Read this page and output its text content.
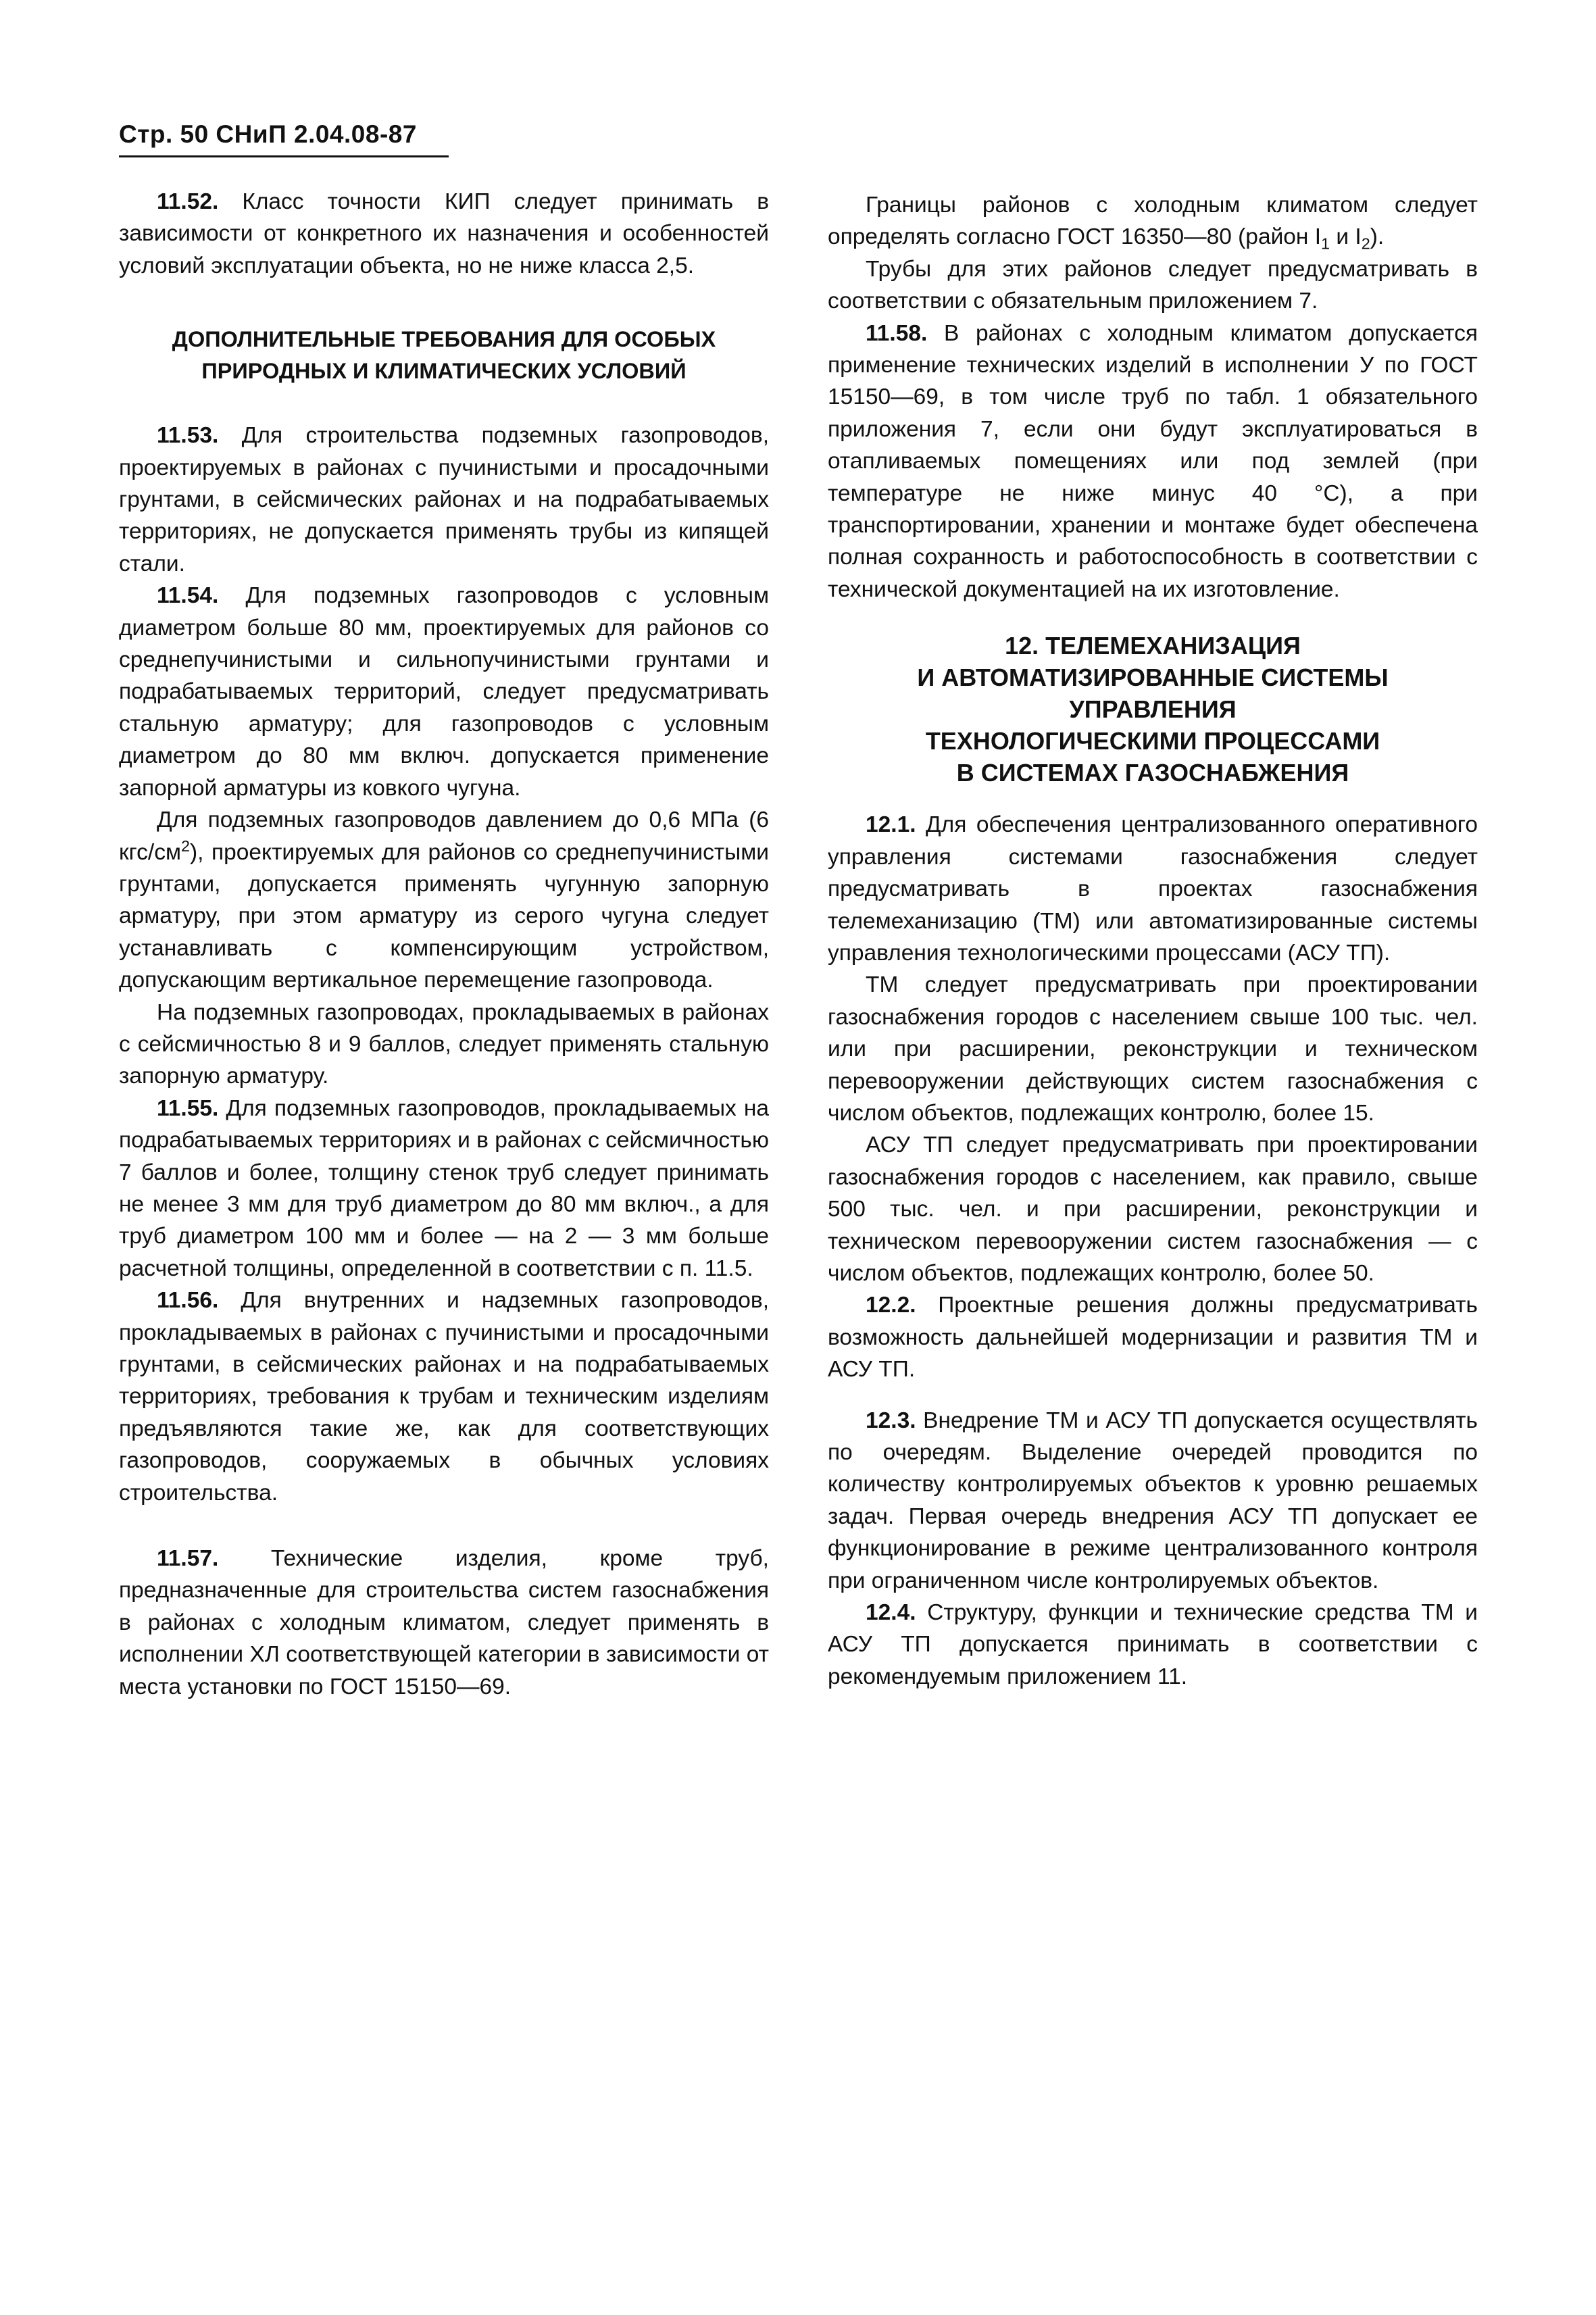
Стр. 50 СНиП 2.04.08-87

11.52. Класс точности КИП следует принимать в зависимости от конкретного их назначения и особенностей условий эксплуатации объекта, но не ниже класса 2,5.

ДОПОЛНИТЕЛЬНЫЕ ТРЕБОВАНИЯ ДЛЯ ОСОБЫХ
ПРИРОДНЫХ И КЛИМАТИЧЕСКИХ УСЛОВИЙ

11.53. Для строительства подземных газопроводов, проектируемых в районах с пучинистыми и просадочными грунтами, в сейсмических районах и на подрабатываемых территориях, не допускается применять трубы из кипящей стали.

11.54. Для подземных газопроводов с условным диаметром больше 80 мм, проектируемых для районов со среднепучинистыми и сильнопучинистыми грунтами и подрабатываемых территорий, следует предусматривать стальную арматуру; для газопроводов с условным диаметром до 80 мм включ. допускается применение запорной арматуры из ковкого чугуна.

Для подземных газопроводов давлением до 0,6 МПа (6 кгс/$см^2$), проектируемых для районов со среднепучинистыми грунтами, допускается применять чугунную запорную арматуру, при этом арматуру из серого чугуна следует устанавливать с компенсирующим устройством, допускающим вертикальное перемещение газопровода.

На подземных газопроводах, прокладываемых в районах с сейсмичностью 8 и 9 баллов, следует применять стальную запорную арматуру.

11.55. Для подземных газопроводов, прокладываемых на подрабатываемых территориях и в районах с сейсмичностью 7 баллов и более, толщину стенок труб следует принимать не менее 3 мм для труб диаметром до 80 мм включ., а для труб диаметром 100 мм и более — на 2 — 3 мм больше расчетной толщины, определенной в соответствии с п. 11.5.

11.56. Для внутренних и надземных газопроводов, прокладываемых в районах с пучинистыми и просадочными грунтами, в сейсмических районах и на подрабатываемых территориях, требования к трубам и техническим изделиям предъявляются такие же, как для соответствующих газопроводов, сооружаемых в обычных условиях строительства.

11.57. Технические изделия, кроме труб, предназначенные для строительства систем газоснабжения в районах с холодным климатом, следует применять в исполнении ХЛ соответствующей категории в зависимости от места установки по ГОСТ 15150—69.

Границы районов с холодным климатом следует определять согласно ГОСТ 16350—80 (район $I_1$ и $I_2$).

Трубы для этих районов следует предусматривать в соответствии с обязательным приложением 7.

11.58. В районах с холодным климатом допускается применение технических изделий в исполнении У по ГОСТ 15150—69, в том числе труб по табл. 1 обязательного приложения 7, если они будут эксплуатироваться в отапливаемых помещениях или под землей (при температуре не ниже минус 40 °С), а при транспортировании, хранении и монтаже будет обеспечена полная сохранность и работоспособность в соответствии с технической документацией на их изготовление.

12. ТЕЛЕМЕХАНИЗАЦИЯ
И АВТОМАТИЗИРОВАННЫЕ СИСТЕМЫ
УПРАВЛЕНИЯ
ТЕХНОЛОГИЧЕСКИМИ ПРОЦЕССАМИ
В СИСТЕМАХ ГАЗОСНАБЖЕНИЯ

12.1. Для обеспечения централизованного оперативного управления системами газоснабжения следует предусматривать в проектах газоснабжения телемеханизацию (ТМ) или автоматизированные системы управления технологическими процессами (АСУ ТП).

ТМ следует предусматривать при проектировании газоснабжения городов с населением свыше 100 тыс. чел. или при расширении, реконструкции и техническом перевооружении действующих систем газоснабжения с числом объектов, подлежащих контролю, более 15.

АСУ ТП следует предусматривать при проектировании газоснабжения городов с населением, как правило, свыше 500 тыс. чел. и при расширении, реконструкции и техническом перевооружении систем газоснабжения — с числом объектов, подлежащих контролю, более 50.

12.2. Проектные решения должны предусматривать возможность дальнейшей модернизации и развития ТМ и АСУ ТП.

12.3. Внедрение ТМ и АСУ ТП допускается осуществлять по очередям. Выделение очередей проводится по количеству контролируемых объектов к уровню решаемых задач. Первая очередь внедрения АСУ ТП допускает ее функционирование в режиме централизованного контроля при ограниченном числе контролируемых объектов.

12.4. Структуру, функции и технические средства ТМ и АСУ ТП допускается принимать в соответствии с рекомендуемым приложением 11.
